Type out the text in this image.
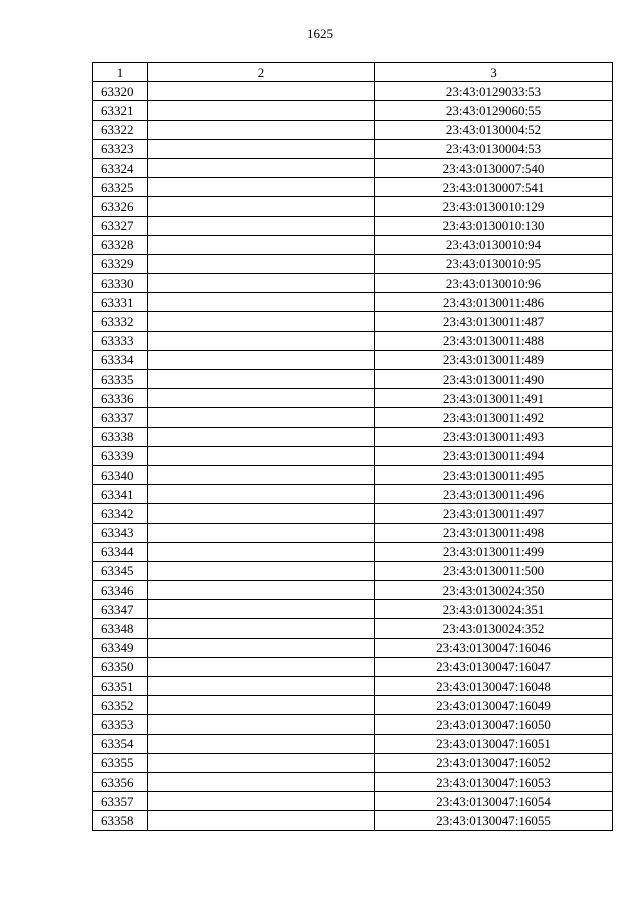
1625
1	2	3
63320		23:43:0129033:53
63321		23:43:0129060:55
63322		23:43:0130004:52
63323		23:43:0130004:53
63324		23:43:0130007:540
63325		23:43:0130007:541
63326		23:43:0130010:129
63327		23:43:0130010:130
63328		23:43:0130010:94
63329		23:43:0130010:95
63330		23:43:0130010:96
63331		23:43:0130011:486
63332		23:43:0130011:487
63333		23:43:0130011:488
63334		23:43:0130011:489
63335		23:43:0130011:490
63336		23:43:0130011:491
63337		23:43:0130011:492
63338		23:43:0130011:493
63339		23:43:0130011:494
63340		23:43:0130011:495
63341		23:43:0130011:496
63342		23:43:0130011:497
63343		23:43:0130011:498
63344		23:43:0130011:499
63345		23:43:0130011:500
63346		23:43:0130024:350
63347		23:43:0130024:351
63348		23:43:0130024:352
63349		23:43:0130047:16046
63350		23:43:0130047:16047
63351		23:43:0130047:16048
63352		23:43:0130047:16049
63353		23:43:0130047:16050
63354		23:43:0130047:16051
63355		23:43:0130047:16052
63356		23:43:0130047:16053
63357		23:43:0130047:16054
63358		23:43:0130047:16055
